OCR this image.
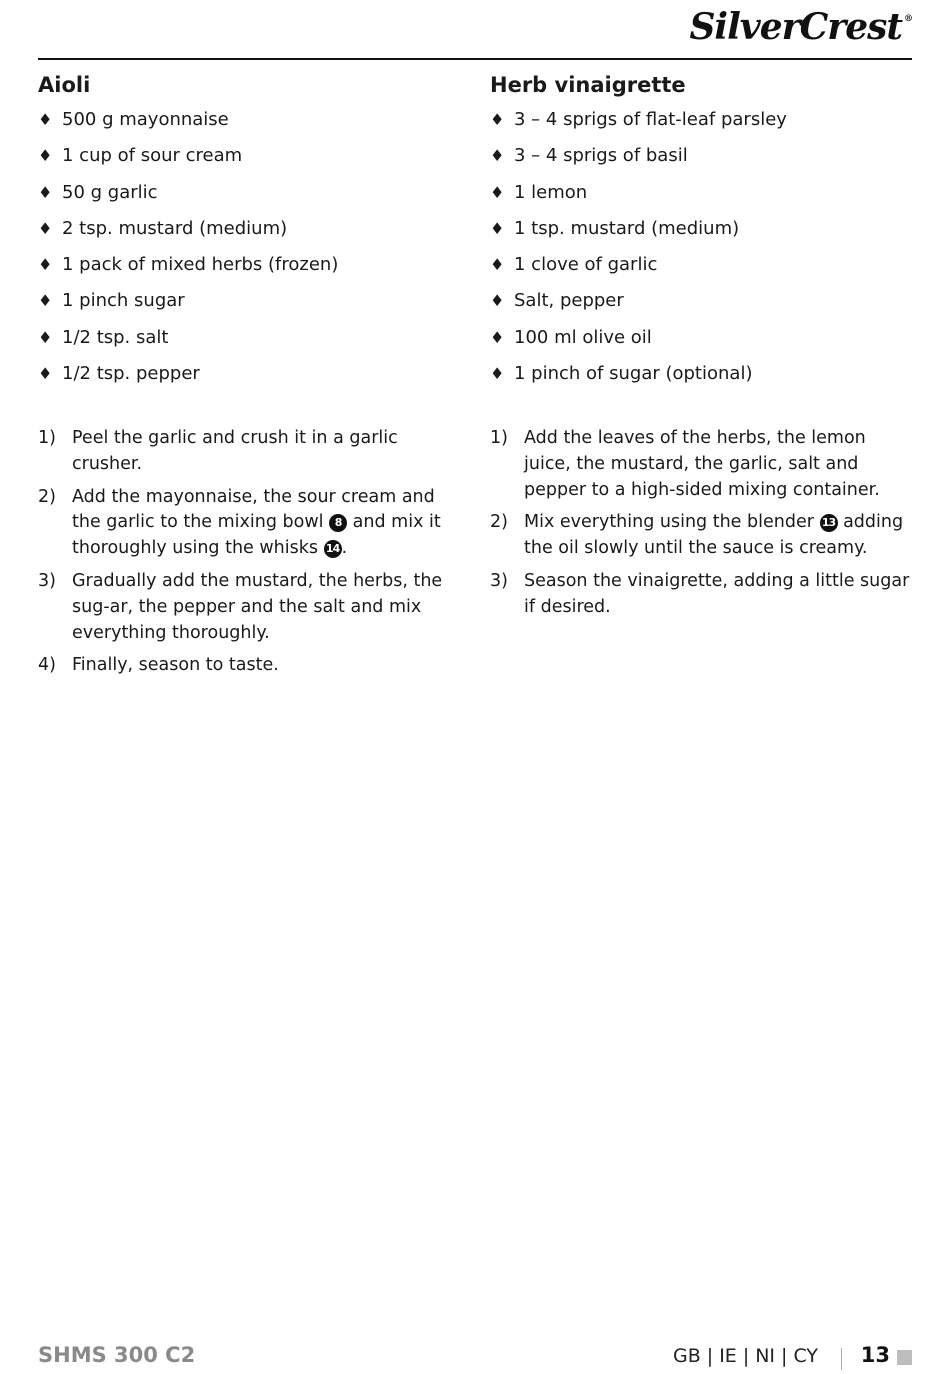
SilverCrest ®
Aioli
♦ 500 g mayonnaise
♦ 1 cup of sour cream
♦ 50 g garlic
♦ 2 tsp. mustard (medium)
♦ 1 pack of mixed herbs (frozen)
♦ 1 pinch sugar
♦ 1/2 tsp. salt
♦ 1/2 tsp. pepper
1) Peel the garlic and crush it in a garlic crusher.
2) Add the mayonnaise, the sour cream and the garlic to the mixing bowl 8 and mix it thoroughly using the whisks 14 .
3) Gradually add the mustard, the herbs, the sug-ar, the pepper and the salt and mix everything thoroughly.
4) Finally, season to taste.
Herb vinaigrette
♦ 3 – 4 sprigs of flat-leaf parsley
♦ 3 – 4 sprigs of basil
♦ 1 lemon
♦ 1 tsp. mustard (medium)
♦ 1 clove of garlic
♦ Salt, pepper
♦ 100 ml olive oil
♦ 1 pinch of sugar (optional)
1) Add the leaves of the herbs, the lemon juice, the mustard, the garlic, salt and pepper to a high-sided mixing container.
2) Mix everything using the blender 13 adding the oil slowly until the sauce is creamy.
3) Season the vinaigrette, adding a little sugar if desired.
SHMS 300 C2	GB | IE | NI | CY 13
